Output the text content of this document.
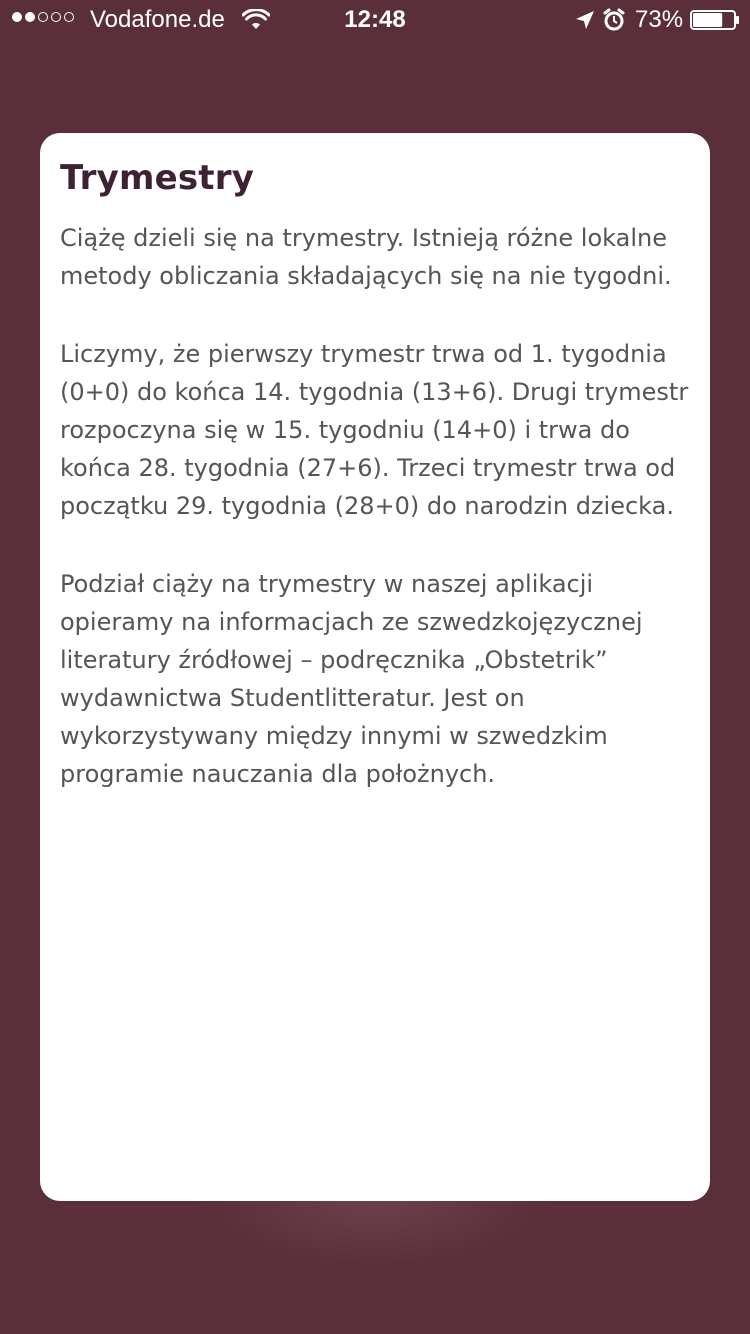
Vodafone.de	12:48	73%
Trymestry

Ciążę dzieli się na trymestry. Istnieją różne lokalne metody obliczania składających się na nie tygodni.

Liczymy, że pierwszy trymestr trwa od 1. tygodnia (0+0) do końca 14. tygodnia (13+6). Drugi trymestr rozpoczyna się w 15. tygodniu (14+0) i trwa do końca 28. tygodnia (27+6). Trzeci trymestr trwa od początku 29. tygodnia (28+0) do narodzin dziecka.

Podział ciąży na trymestry w naszej aplikacji opieramy na informacjach ze szwedzkojęzycznej literatury źródłowej – podręcznika „Obstetrik” wydawnictwa Studentlitteratur. Jest on wykorzystywany między innymi w szwedzkim programie nauczania dla położnych.
